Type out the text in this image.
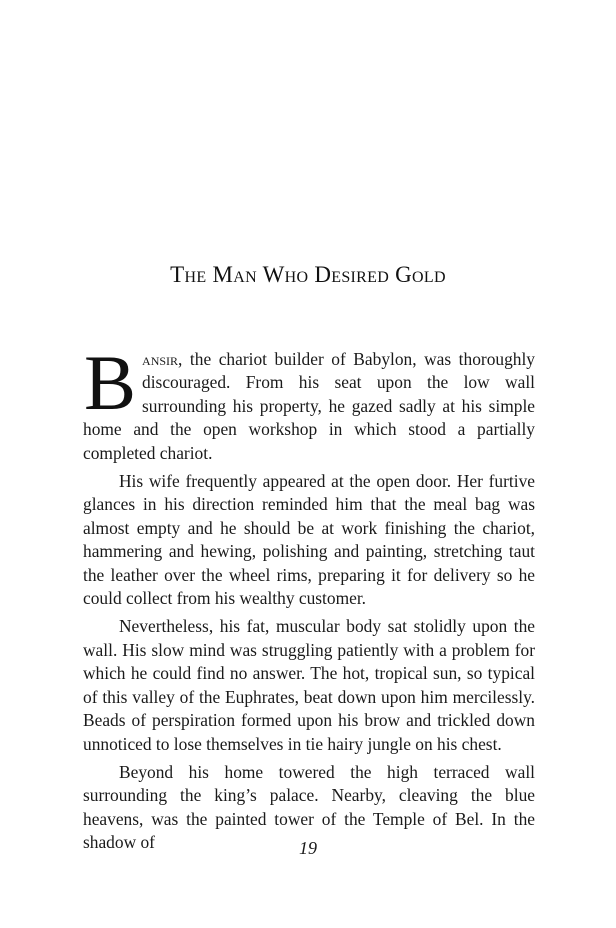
The Man Who Desired Gold

Bansir, the chariot builder of Babylon, was thoroughly discouraged. From his seat upon the low wall surrounding his property, he gazed sadly at his simple home and the open workshop in which stood a partially completed chariot.

His wife frequently appeared at the open door. Her furtive glances in his direction reminded him that the meal bag was almost empty and he should be at work finishing the chariot, hammering and hewing, polishing and painting, stretching taut the leather over the wheel rims, preparing it for delivery so he could collect from his wealthy customer.

Nevertheless, his fat, muscular body sat stolidly upon the wall. His slow mind was struggling patiently with a problem for which he could find no answer. The hot, tropical sun, so typical of this valley of the Euphrates, beat down upon him mercilessly. Beads of perspiration formed upon his brow and trickled down unnoticed to lose themselves in tie hairy jungle on his chest.

Beyond his home towered the high terraced wall surrounding the king’s palace. Nearby, cleaving the blue heavens, was the painted tower of the Temple of Bel. In the shadow of	19
